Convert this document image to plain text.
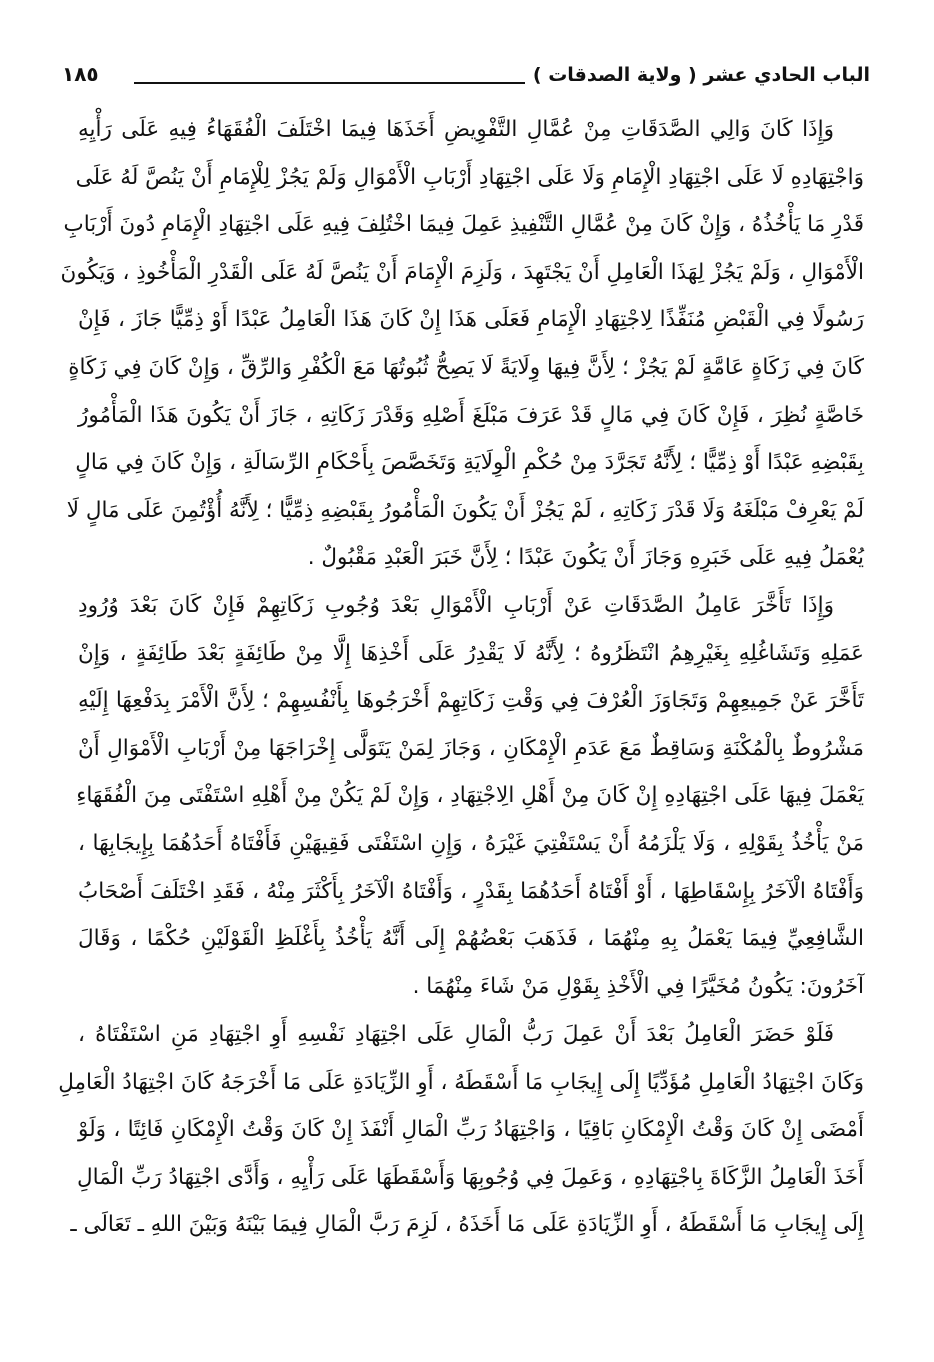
الباب الحادي عشر ( ولاية الصدقات )
١٨٥
وَإِذَا كَانَ وَالِي الصَّدَقَاتِ مِنْ عُمَّالِ التَّفْوِيضِ أَخَذَهَا فِيمَا اخْتَلَفَ الْفُقَهَاءُ فِيهِ عَلَى رَأْيِهِ
وَاجْتِهَادِهِ لَا عَلَى اجْتِهَادِ الْإِمَامِ وَلَا عَلَى اجْتِهَادِ أَرْبَابِ الْأَمْوَالِ وَلَمْ يَجُزْ لِلْإِمَامِ أَنْ يَنُصَّ لَهُ عَلَى
قَدْرِ مَا يَأْخُذُهُ ، وَإِنْ كَانَ مِنْ عُمَّالِ التَّنْفِيذِ عَمِلَ فِيمَا اخْتُلِفَ فِيهِ عَلَى اجْتِهَادِ الْإِمَامِ دُونَ أَرْبَابِ
الْأَمْوَالِ ، وَلَمْ يَجُزْ لِهَذَا الْعَامِلِ أَنْ يَجْتَهِدَ ، وَلَزِمَ الْإِمَامَ أَنْ يَنُصَّ لَهُ عَلَى الْقَدْرِ الْمَأْخُوذِ ، وَيَكُونَ
رَسُولًا فِي الْقَبْضِ مُنَفِّذًا لِاجْتِهَادِ الْإِمَامِ فَعَلَى هَذَا إِنْ كَانَ هَذَا الْعَامِلُ عَبْدًا أَوْ ذِمِّيًّا جَازَ ، فَإِنْ
كَانَ فِي زَكَاةٍ عَامَّةٍ لَمْ يَجُزْ ؛ لِأَنَّ فِيهَا وِلَايَةً لَا يَصِحُّ ثُبُوتُهَا مَعَ الْكُفْرِ وَالرِّقِّ ، وَإِنْ كَانَ فِي زَكَاةٍ
خَاصَّةٍ نُظِرَ ، فَإِنْ كَانَ فِي مَالٍ قَدْ عَرَفَ مَبْلَغَ أَصْلِهِ وَقَدْرَ زَكَاتِهِ ، جَازَ أَنْ يَكُونَ هَذَا الْمَأْمُورُ
بِقَبْضِهِ عَبْدًا أَوْ ذِمِّيًّا ؛ لِأَنَّهُ تَجَرَّدَ مِنْ حُكْمِ الْوِلَايَةِ وَتَخَصَّصَ بِأَحْكَامِ الرِّسَالَةِ ، وَإِنْ كَانَ فِي مَالٍ
لَمْ يَعْرِفْ مَبْلَغَهُ وَلَا قَدْرَ زَكَاتِهِ ، لَمْ يَجُزْ أَنْ يَكُونَ الْمَأْمُورُ بِقَبْضِهِ ذِمِّيًّا ؛ لِأَنَّهُ أُؤْتُمِنَ عَلَى مَالٍ لَا
يُعْمَلُ فِيهِ عَلَى خَبَرِهِ وَجَازَ أَنْ يَكُونَ عَبْدًا ؛ لِأَنَّ خَبَرَ الْعَبْدِ مَقْبُولٌ .
وَإِذَا تَأَخَّرَ عَامِلُ الصَّدَقَاتِ عَنْ أَرْبَابِ الْأَمْوَالِ بَعْدَ وُجُوبِ زَكَاتِهِمْ فَإِنْ كَانَ بَعْدَ وُرُودِ
عَمَلِهِ وَتَشَاغُلِهِ بِغَيْرِهِمُ انْتَظَرُوهُ ؛ لِأَنَّهُ لَا يَقْدِرُ عَلَى أَخْذِهَا إِلَّا مِنْ طَائِفَةٍ بَعْدَ طَائِفَةٍ ، وَإِنْ
تَأَخَّرَ عَنْ جَمِيعِهِمْ وَتَجَاوَزَ الْعُرْفَ فِي وَقْتِ زَكَاتِهِمْ أَخْرَجُوهَا بِأَنْفُسِهِمْ ؛ لِأَنَّ الْأَمْرَ بِدَفْعِهَا إِلَيْهِ
مَشْرُوطٌ بِالْمُكْنَةِ وَسَاقِطٌ مَعَ عَدَمِ الْإِمْكَانِ ، وَجَازَ لِمَنْ يَتَوَلَّى إِخْرَاجَهَا مِنْ أَرْبَابِ الْأَمْوَالِ أَنْ
يَعْمَلَ فِيهَا عَلَى اجْتِهَادِهِ إِنْ كَانَ مِنْ أَهْلِ الِاجْتِهَادِ ، وَإِنْ لَمْ يَكُنْ مِنْ أَهْلِهِ اسْتَفْتَى مِنَ الْفُقَهَاءِ
مَنْ يَأْخُذُ بِقَوْلِهِ ، وَلَا يَلْزَمُهُ أَنْ يَسْتَفْتِيَ غَيْرَهُ ، وَإِنِ اسْتَفْتَى فَقِيهَيْنِ فَأَفْتَاهُ أَحَدُهُمَا بِإِيجَابِهَا ،
وَأَفْتَاهُ الْآخَرُ بِإِسْقَاطِهَا ، أَوْ أَفْتَاهُ أَحَدُهُمَا بِقَدْرٍ ، وَأَفْتَاهُ الْآخَرُ بِأَكْثَرَ مِنْهُ ، فَقَدِ اخْتَلَفَ أَصْحَابُ
الشَّافِعِيِّ فِيمَا يَعْمَلُ بِهِ مِنْهُمَا ، فَذَهَبَ بَعْضُهُمْ إِلَى أَنَّهُ يَأْخُذُ بِأَغْلَظِ الْقَوْلَيْنِ حُكْمًا ، وَقَالَ
آخَرُونَ: يَكُونُ مُخَيَّرًا فِي الْأَخْذِ بِقَوْلِ مَنْ شَاءَ مِنْهُمَا .
فَلَوْ حَضَرَ الْعَامِلُ بَعْدَ أَنْ عَمِلَ رَبُّ الْمَالِ عَلَى اجْتِهَادِ نَفْسِهِ أَوِ اجْتِهَادِ مَنِ اسْتَفْتَاهُ ،
وَكَانَ اجْتِهَادُ الْعَامِلِ مُؤَدِّيًا إِلَى إِيجَابِ مَا أَسْقَطَهُ ، أَوِ الزِّيَادَةِ عَلَى مَا أَخْرَجَهُ كَانَ اجْتِهَادُ الْعَامِلِ
أَمْضَى إِنْ كَانَ وَقْتُ الْإِمْكَانِ بَاقِيًا ، وَاجْتِهَادُ رَبِّ الْمَالِ أَنْفَذَ إِنْ كَانَ وَقْتُ الْإِمْكَانِ فَائِتًا ، وَلَوْ
أَخَذَ الْعَامِلُ الزَّكَاةَ بِاجْتِهَادِهِ ، وَعَمِلَ فِي وُجُوبِهَا وَأَسْقَطَهَا عَلَى رَأْيِهِ ، وَأَدَّى اجْتِهَادُ رَبِّ الْمَالِ
إِلَى إِيجَابِ مَا أَسْقَطَهُ ، أَوِ الزِّيَادَةِ عَلَى مَا أَخَذَهُ ، لَزِمَ رَبَّ الْمَالِ فِيمَا بَيْنَهُ وَبَيْنَ اللهِ ـ تَعَالَى ـ
